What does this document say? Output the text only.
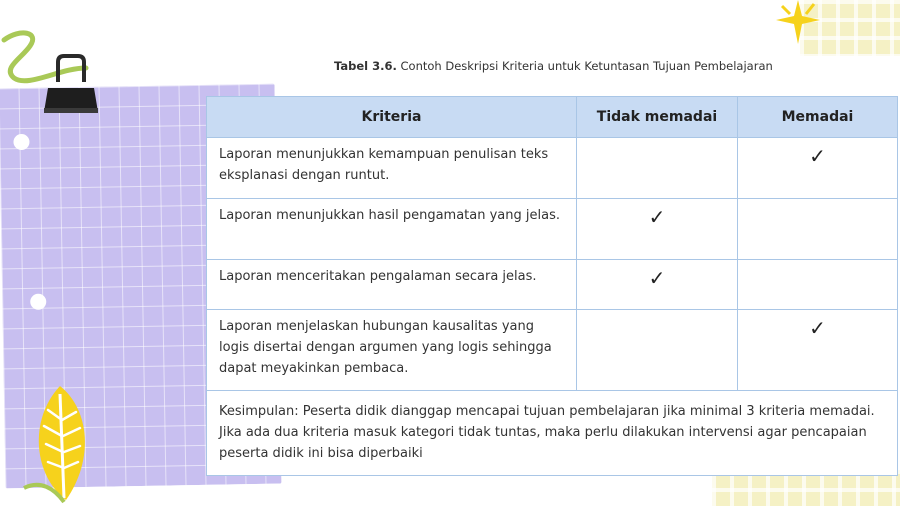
Tabel 3.6. Contoh Deskripsi Kriteria untuk Ketuntasan Tujuan Pembelajaran
Kriteria	Tidak memadai	Memadai
Laporan menunjukkan kemampuan penulisan teks eksplanasi dengan runtut.		✓
Laporan menunjukkan hasil pengamatan yang jelas.	✓	
Laporan menceritakan pengalaman secara jelas.	✓	
Laporan menjelaskan hubungan kausalitas yang logis disertai dengan argumen yang logis sehingga dapat meyakinkan pembaca.		✓
Kesimpulan: Peserta didik dianggap mencapai tujuan pembelajaran jika minimal 3 kriteria memadai. Jika ada dua kriteria masuk kategori tidak tuntas, maka perlu dilakukan intervensi agar pencapaian peserta didik ini bisa diperbaiki		
